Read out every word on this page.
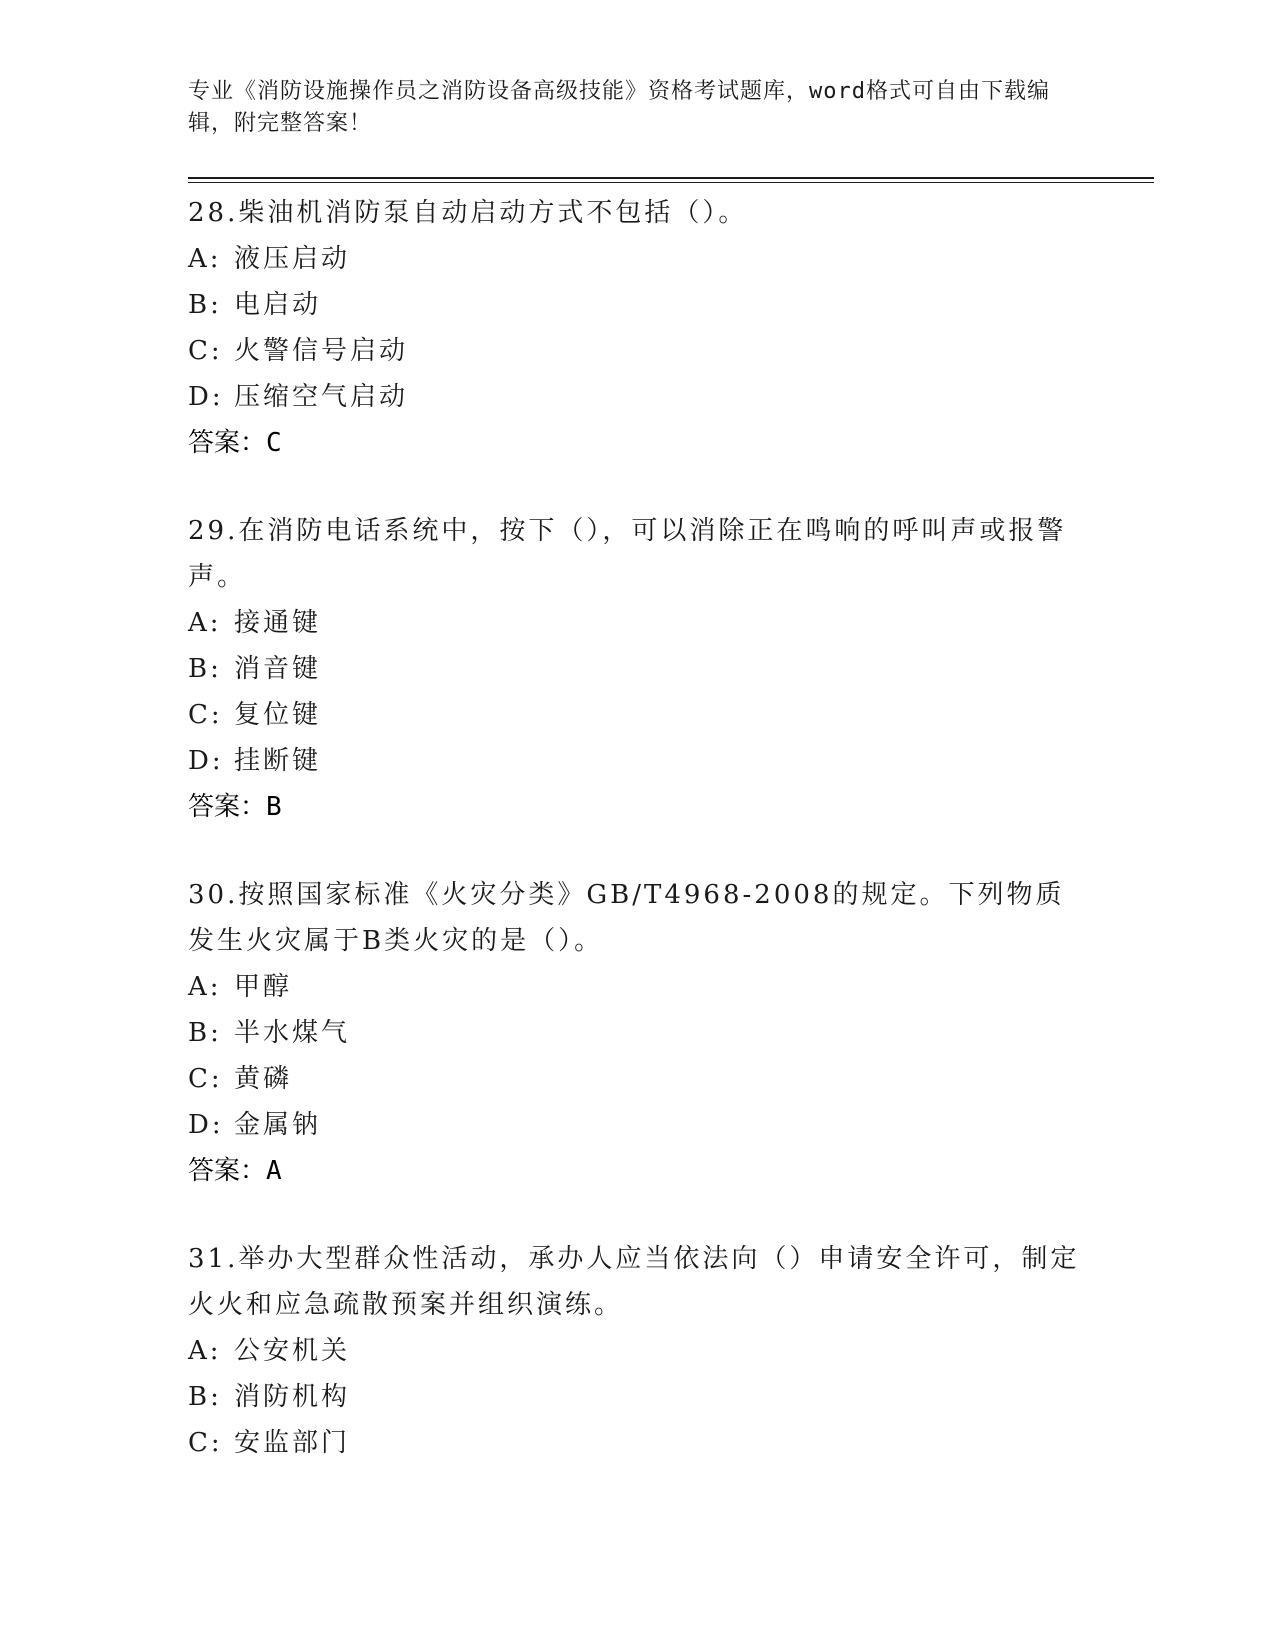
专业《消防设施操作员之消防设备高级技能》资格考试题库，word格式可自由下载编辑，附完整答案！

28.柴油机消防泵自动启动方式不包括（）。

A: 液压启动

B: 电启动

C: 火警信号启动

D: 压缩空气启动

答案：C

29.在消防电话系统中，按下（），可以消除正在鸣响的呼叫声或报警声。

A: 接通键

B: 消音键

C: 复位键

D: 挂断键

答案：B

30.按照国家标准《火灾分类》GB/T4968-2008的规定。下列物质发生火灾属于B类火灾的是（）。

A: 甲醇

B: 半水煤气

C: 黄磷

D: 金属钠

答案：A

31.举办大型群众性活动，承办人应当依法向（）申请安全许可，制定火火和应急疏散预案并组织演练。

A: 公安机关

B: 消防机构

C: 安监部门
